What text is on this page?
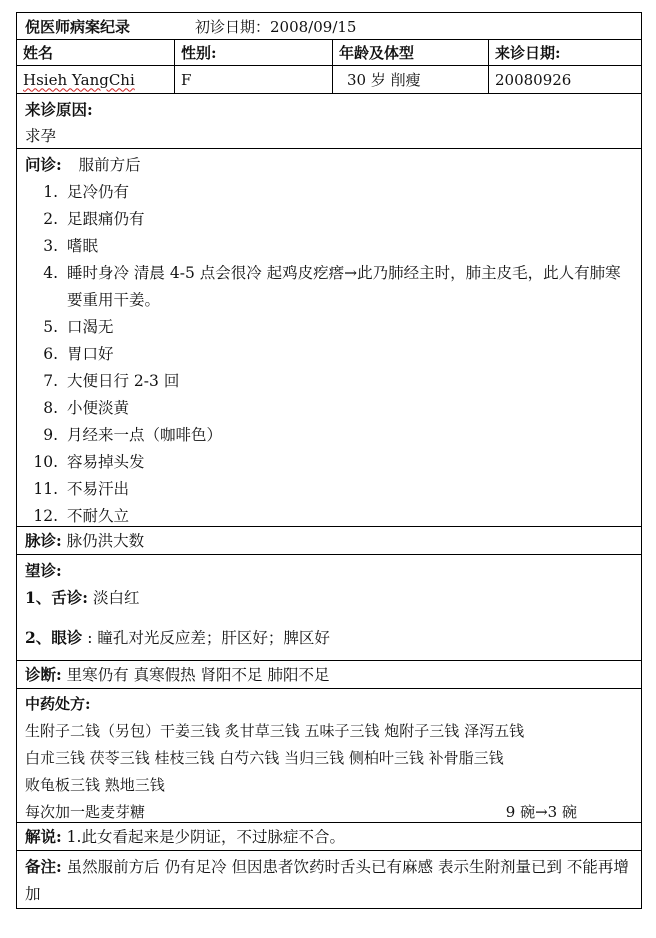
倪医师病案纪录	初诊日期：2008/09/15
姓名	性别:	年龄及体型	来诊日期:
Hsieh YangChi	F	30 岁 削瘦	20080926
来诊原因:
求孕
问诊: 服前方后
1. 足冷仍有
2. 足跟痛仍有
3. 嗜眠
4. 睡时身冷 清晨 4-5 点会很冷 起鸡皮疙瘩→此乃肺经主时，肺主皮毛，此人有肺寒要重用干姜。
5. 口渴无
6. 胃口好
7. 大便日行 2-3 回
8. 小便淡黄
9. 月经来一点（咖啡色）
10. 容易掉头发
11. 不易汗出
12. 不耐久立
脉诊: 脉仍洪大数
望诊:
1、舌诊: 淡白红
2、眼诊 : 瞳孔对光反应差；肝区好；脾区好
诊断: 里寒仍有 真寒假热 肾阳不足 肺阳不足
中药处方:
生附子二钱（另包）干姜三钱 炙甘草三钱 五味子三钱 炮附子三钱 泽泻五钱
白朮三钱 茯苓三钱 桂枝三钱 白芍六钱 当归三钱 侧柏叶三钱 补骨脂三钱
败龟板三钱 熟地三钱
每次加一匙麦芽糖	9 碗→3 碗
解说: 1.此女看起来是少阴证，不过脉症不合。
备注: 虽然服前方后 仍有足冷 但因患者饮药时舌头已有麻感 表示生附剂量已到 不能再增加
